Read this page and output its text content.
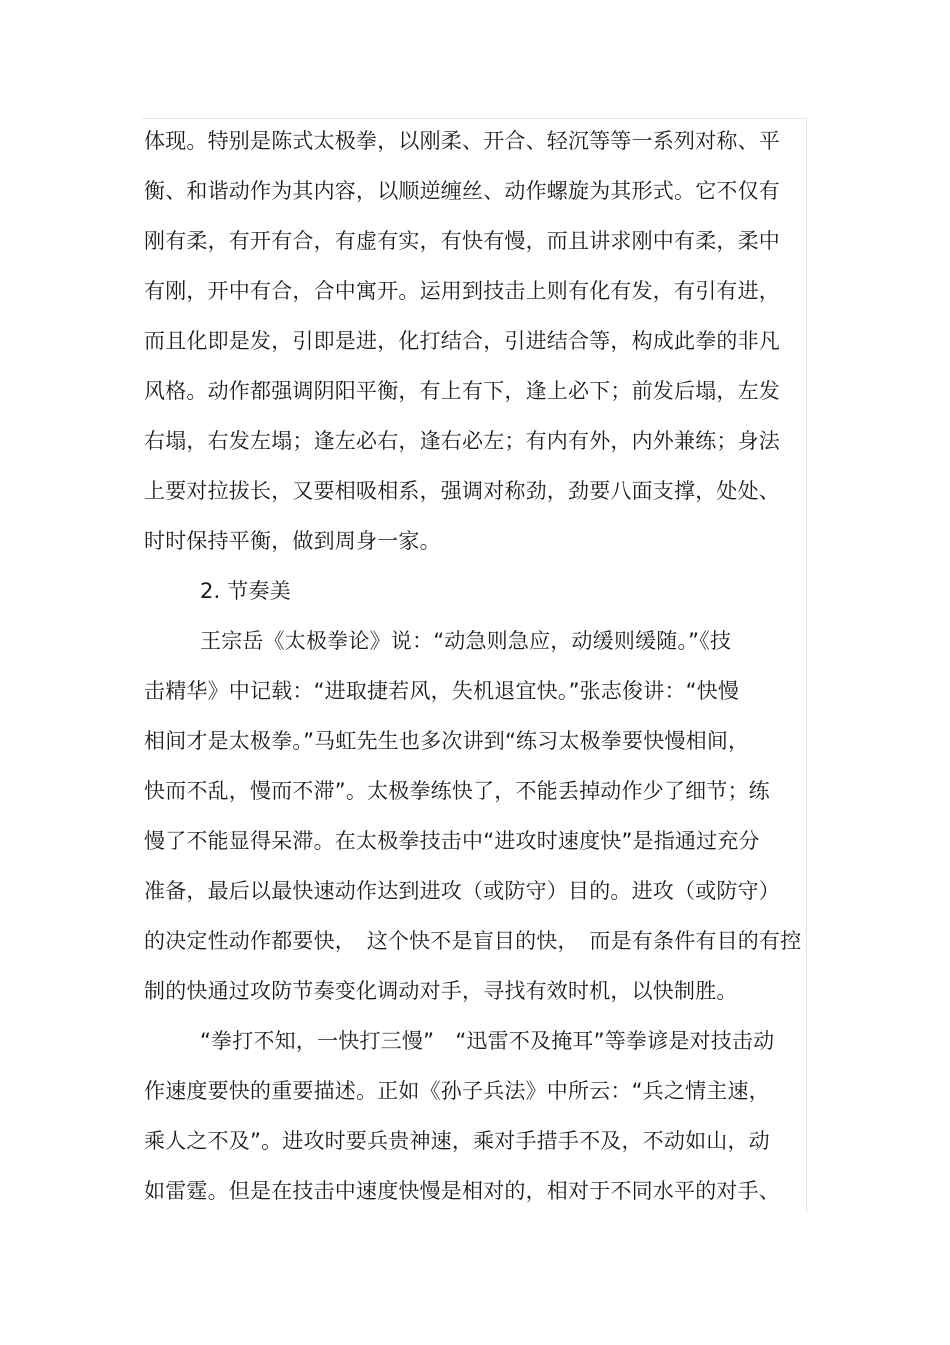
体现。特别是陈式太极拳，以刚柔、开合、轻沉等等一系列对称、平
衡、和谐动作为其内容，以顺逆缠丝、动作螺旋为其形式。它不仅有
刚有柔，有开有合，有虚有实，有快有慢，而且讲求刚中有柔，柔中
有刚，开中有合，合中寓开。运用到技击上则有化有发，有引有进，
而且化即是发，引即是进，化打结合，引进结合等，构成此拳的非凡
风格。动作都强调阴阳平衡，有上有下，逢上必下；前发后塌，左发
右塌，右发左塌；逢左必右，逢右必左；有内有外，内外兼练；身法
上要对拉拔长，又要相吸相系，强调对称劲，劲要八面支撑，处处、
时时保持平衡，做到周身一家。
2. 节奏美
王宗岳《太极拳论》说：“动急则急应，动缓则缓随。”《技
击精华》中记载：“进取捷若风，失机退宜快。”张志俊讲：“快慢
相间才是太极拳。”马虹先生也多次讲到“练习太极拳要快慢相间，
快而不乱，慢而不滞”。太极拳练快了，不能丢掉动作少了细节；练
慢了不能显得呆滞。在太极拳技击中“进攻时速度快”是指通过充分
准备，最后以最快速动作达到进攻（或防守）目的。进攻（或防守）
的决定性动作都要快，　这个快不是盲目的快，　而是有条件有目的有控
制的快通过攻防节奏变化调动对手，寻找有效时机，以快制胜。
“拳打不知，一快打三慢”　“迅雷不及掩耳”等拳谚是对技击动
作速度要快的重要描述。正如《孙子兵法》中所云：“兵之情主速，
乘人之不及”。进攻时要兵贵神速，乘对手措手不及，不动如山，动
如雷霆。但是在技击中速度快慢是相对的，相对于不同水平的对手、
